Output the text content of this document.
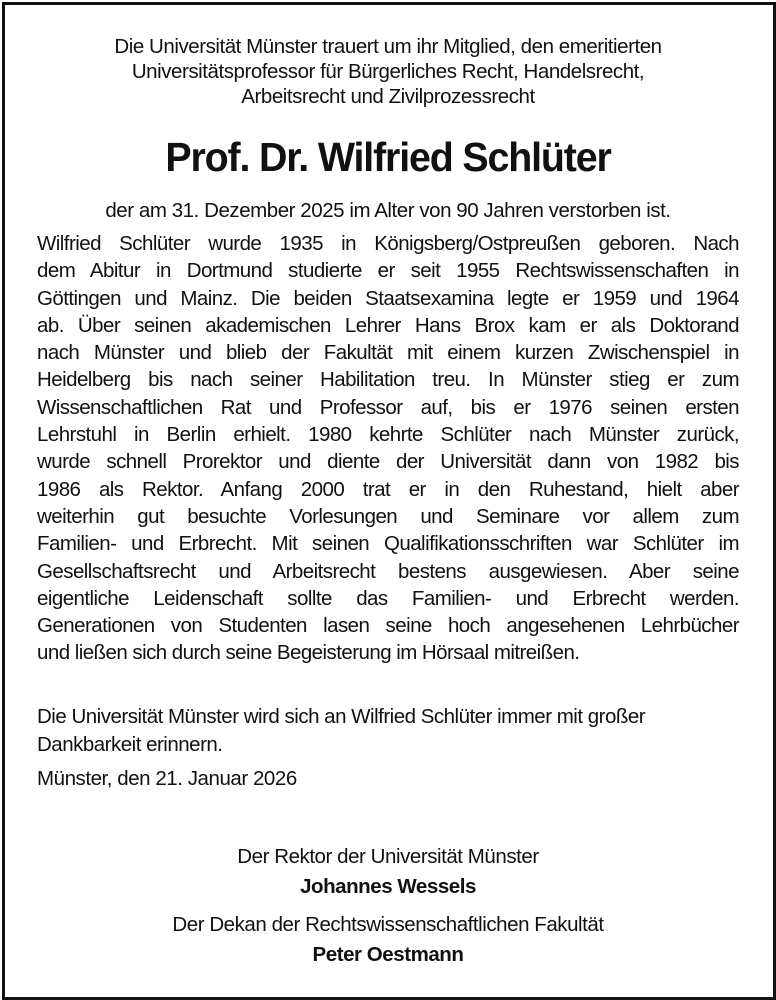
Die Universität Münster trauert um ihr Mitglied, den emeritierten
Universitätsprofessor für Bürgerliches Recht, Handelsrecht,
Arbeitsrecht und Zivilprozessrecht
Prof. Dr. Wilfried Schlüter
der am 31. Dezember 2025 im Alter von 90 Jahren verstorben ist.
Wilfried Schlüter wurde 1935 in Königsberg/Ostpreußen geboren. Nach
dem Abitur in Dortmund studierte er seit 1955 Rechtswissenschaften in
Göttingen und Mainz. Die beiden Staatsexamina legte er 1959 und 1964
ab. Über seinen akademischen Lehrer Hans Brox kam er als Doktorand
nach Münster und blieb der Fakultät mit einem kurzen Zwischenspiel in
Heidelberg bis nach seiner Habilitation treu. In Münster stieg er zum
Wissenschaftlichen Rat und Professor auf, bis er 1976 seinen ersten
Lehrstuhl in Berlin erhielt. 1980 kehrte Schlüter nach Münster zurück,
wurde schnell Prorektor und diente der Universität dann von 1982 bis
1986 als Rektor. Anfang 2000 trat er in den Ruhestand, hielt aber
weiterhin gut besuchte Vorlesungen und Seminare vor allem zum
Familien- und Erbrecht. Mit seinen Qualifikationsschriften war Schlüter im
Gesellschaftsrecht und Arbeitsrecht bestens ausgewiesen. Aber seine
eigentliche Leidenschaft sollte das Familien- und Erbrecht werden.
Generationen von Studenten lasen seine hoch angesehenen Lehrbücher
und ließen sich durch seine Begeisterung im Hörsaal mitreißen.
Die Universität Münster wird sich an Wilfried Schlüter immer mit großer
Dankbarkeit erinnern.
Münster, den 21. Januar 2026
Der Rektor der Universität Münster
Johannes Wessels
Der Dekan der Rechtswissenschaftlichen Fakultät
Peter Oestmann
